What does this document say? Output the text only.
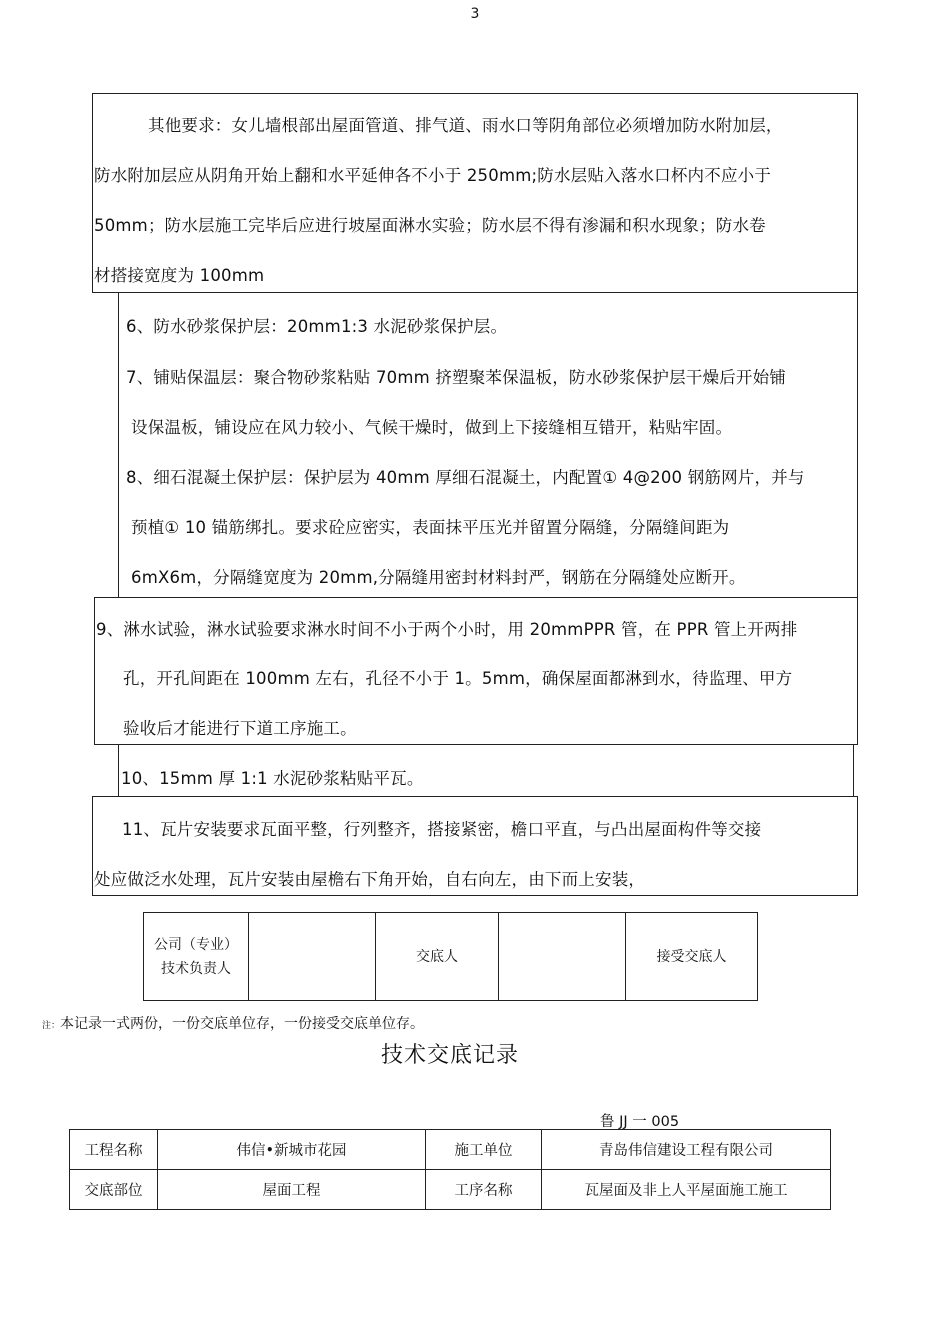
3
其他要求：女儿墙根部出屋面管道、排气道、雨水口等阴角部位必须增加防水附加层，
防水附加层应从阴角开始上翻和水平延伸各不小于 250mm;防水层贴入落水口杯内不应小于
50mm；防水层施工完毕后应进行坡屋面淋水实验；防水层不得有渗漏和积水现象；防水卷
材搭接宽度为 100mm
6、防水砂浆保护层：20mm1:3 水泥砂浆保护层。
7、铺贴保温层：聚合物砂浆粘贴 70mm 挤塑聚苯保温板，防水砂浆保护层干燥后开始铺
设保温板，铺设应在风力较小、气候干燥时，做到上下接缝相互错开，粘贴牢固。
8、细石混凝土保护层：保护层为 40mm 厚细石混凝土，内配置① 4@200 钢筋网片，并与
预植① 10 锚筋绑扎。要求砼应密实，表面抹平压光并留置分隔缝，分隔缝间距为
6mX6m，分隔缝宽度为 20mm,分隔缝用密封材料封严，钢筋在分隔缝处应断开。
9、淋水试验，淋水试验要求淋水时间不小于两个小时，用 20mmPPR 管，在 PPR 管上开两排
孔，开孔间距在 100mm 左右，孔径不小于 1。5mm，确保屋面都淋到水，待监理、甲方
验收后才能进行下道工序施工。
10、15mm 厚 1:1 水泥砂浆粘贴平瓦。
11、瓦片安装要求瓦面平整，行列整齐，搭接紧密，檐口平直，与凸出屋面构件等交接
处应做泛水处理，瓦片安装由屋檐右下角开始，自右向左，由下而上安装，
公司（专业）
技术负责人
		交底人		接受交底人
注：本记录一式两份，一份交底单位存，一份接受交底单位存。
技术交底记录
鲁 JJ 一 005
工程名称	伟信•新城市花园	施工单位	青岛伟信建设工程有限公司
交底部位	屋面工程	工序名称	瓦屋面及非上人平屋面施工施工
